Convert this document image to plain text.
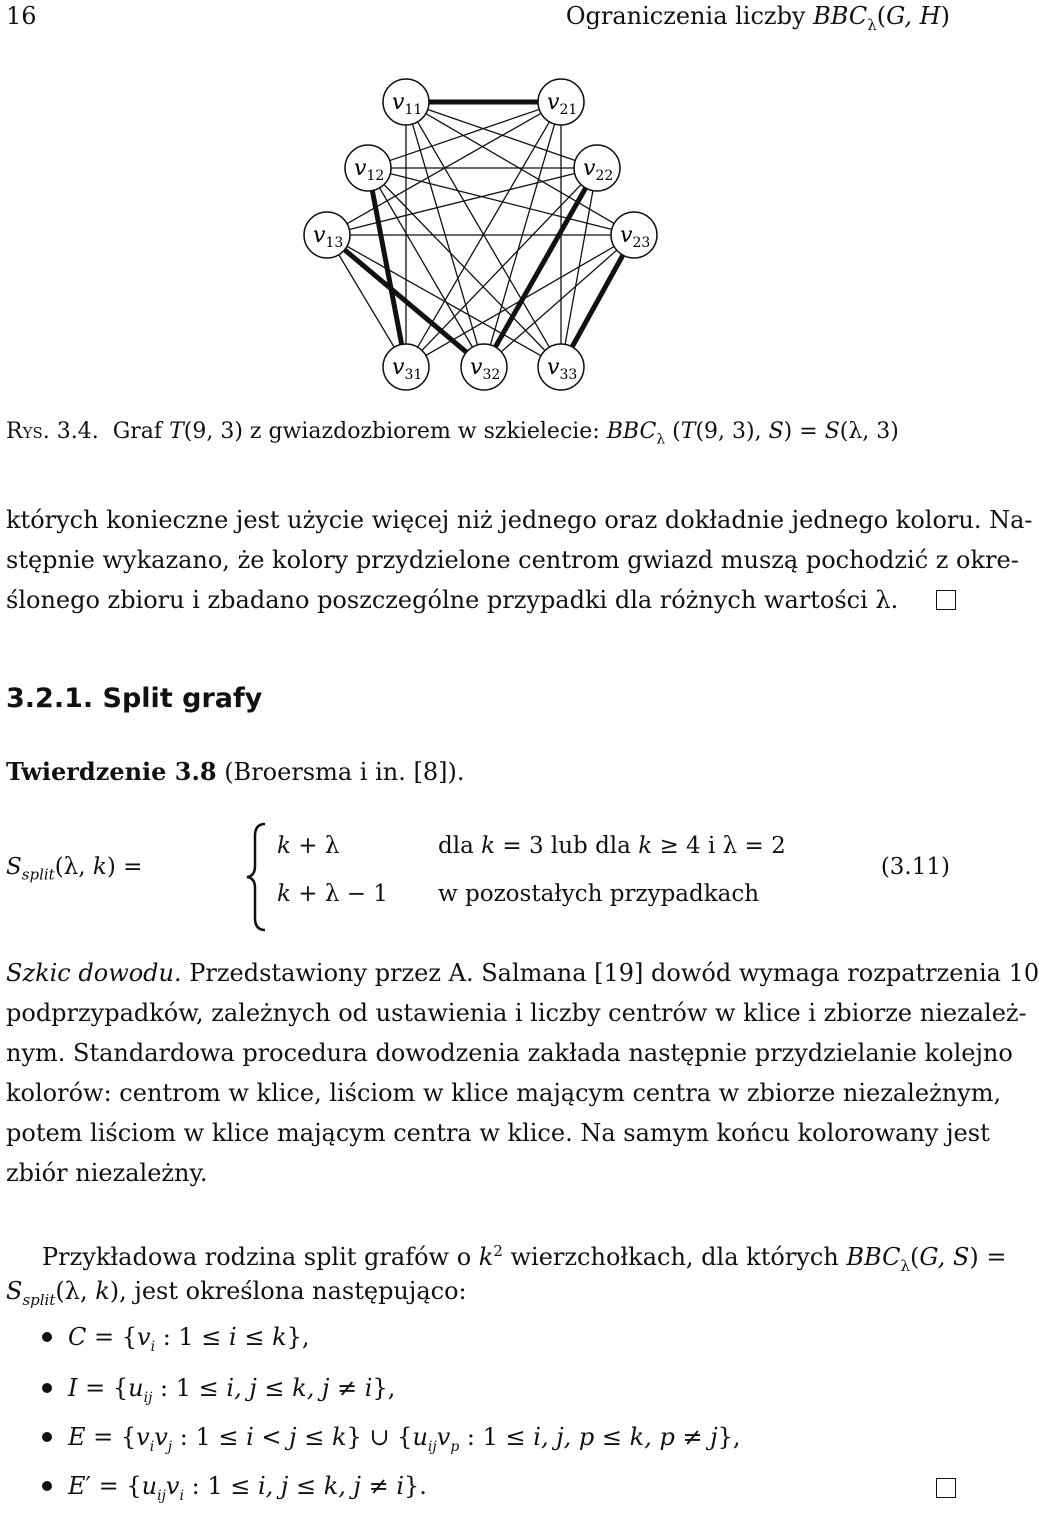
16	Ograniczenia liczby $BBC_\lambda(G$, H)
$v_{11}$	$v_{21}$
$v_{12}$	$v_{22}$
$v_{13}$	$v_{23}$
$v_{31}$ $v_{32}$ $v_{33}$
Rys. 3.4. Graf T(9, 3) z gwiazdozbiorem w szkielecie: $BBC_\lambda$ (T(9, 3), S) = S(λ, 3)
których konieczne jest użycie więcej niż jednego oraz dokładnie jednego koloru. Na-
stępnie wykazano, że kolory przydzielone centrom gwiazd muszą pochodzić z okre-
ślonego zbioru i zbadano poszczególne przypadki dla różnych wartości λ.
3.2.1. Split grafy
Twierdzenie 3.8 (Broersma i in. [8]).
$S_{split}(\lambda$, k) =
k + λ	dla k = 3 lub dla k ≥ 4 i λ = 2
k + λ − 1 w pozostałych przypadkach
(3.11)
Szkic dowodu. Przedstawiony przez A. Salmana [19] dowód wymaga rozpatrzenia 10
podprzypadków, zależnych od ustawienia i liczby centrów w klice i zbiorze niezależ-
nym. Standardowa procedura dowodzenia zakłada następnie przydzielanie kolejno
kolorów: centrom w klice, liściom w klice mającym centra w zbiorze niezależnym,
potem liściom w klice mającym centra w klice. Na samym końcu kolorowany jest
zbiór niezależny.
Przykładowa rodzina split grafów o $k^2$ wierzchołkach, dla których $BBC_\lambda(G$, S) =
$S_{split}(\lambda$, k), jest określona następująco:
$C = \{v_i$ : 1 ≤ i ≤ k},
$I = \{u_{ij}$ : 1 ≤ i, j ≤ k, j ≠ i},
$E = \{v_iv_j$ : 1 ≤ i < j ≤ k} ∪ {$u_{ij}v_p$ : 1 ≤ i, j, p ≤ k, p ≠ j},
$E' = \{u_{ij}v_i$ : 1 ≤ i, j ≤ k, j ≠ i}.
